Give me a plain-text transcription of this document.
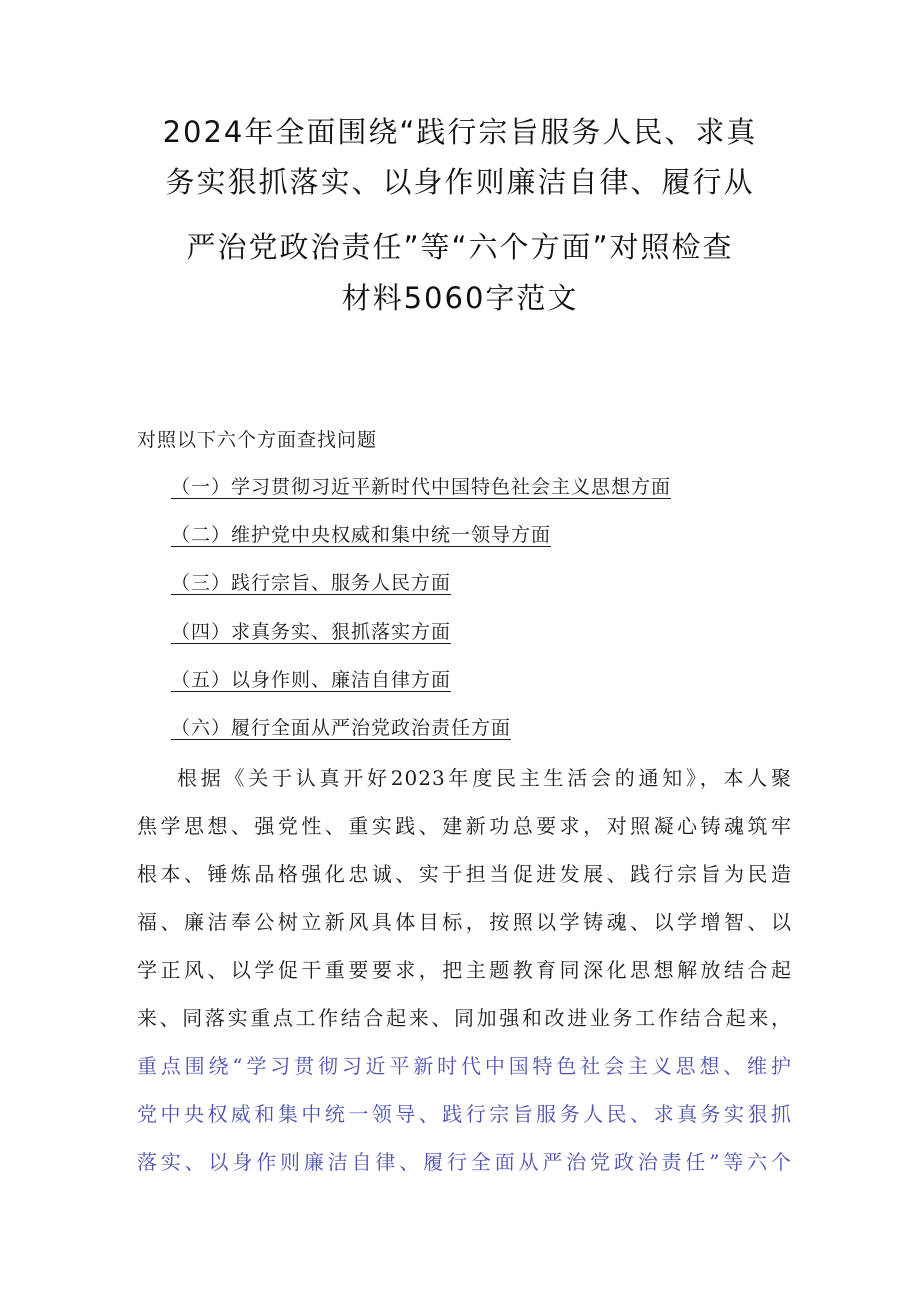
2024年全面围绕“践行宗旨服务人民、求真
务实狠抓落实、以身作则廉洁自律、履行从
严治党政治责任”等“六个方面”对照检查
材料5060字范文
对照以下六个方面查找问题
（一）学习贯彻习近平新时代中国特色社会主义思想方面
（二）维护党中央权威和集中统一领导方面
（三）践行宗旨、服务人民方面
（四）求真务实、狠抓落实方面
（五）以身作则、廉洁自律方面
（六）履行全面从严治党政治责任方面
根据《关于认真开好2023年度民主生活会的通知》，本人聚
焦学思想、强党性、重实践、建新功总要求，对照凝心铸魂筑牢
根本、锤炼品格强化忠诚、实于担当促进发展、践行宗旨为民造
福、廉洁奉公树立新风具体目标，按照以学铸魂、以学增智、以
学正风、以学促干重要要求，把主题教育同深化思想解放结合起
来、同落实重点工作结合起来、同加强和改进业务工作结合起来，
重点围绕“学习贯彻习近平新时代中国特色社会主义思想、维护
党中央权威和集中统一领导、践行宗旨服务人民、求真务实狠抓
落实、以身作则廉洁自律、履行全面从严治党政治责任”等六个
